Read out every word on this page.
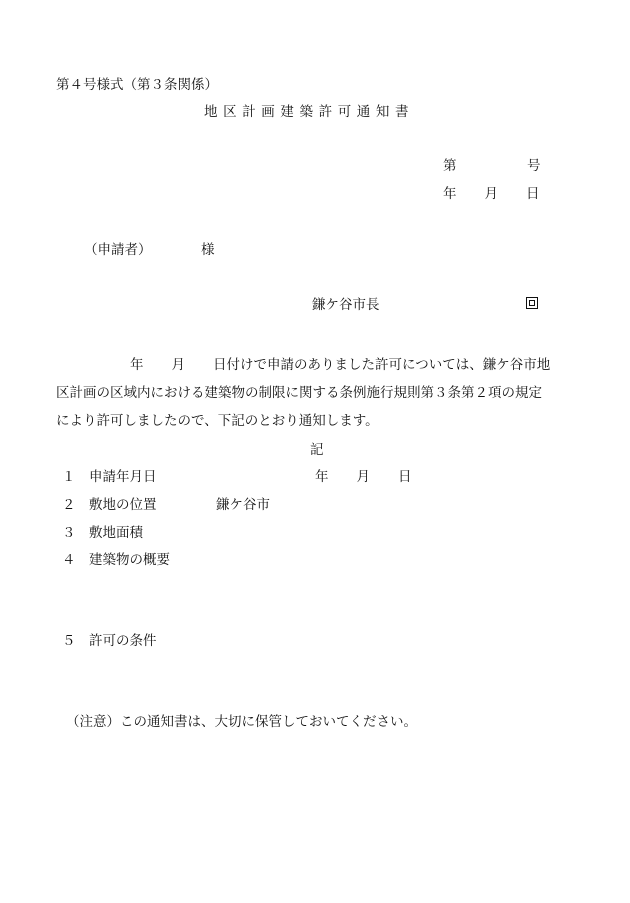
第４号様式（第３条関係）
地区計画建築許可通知書
第	号
年 月 日
（申請者）	様
鎌ケ谷市長
年 月 日付けで申請のありました許可については、鎌ケ谷市地
区計画の区域内における建築物の制限に関する条例施行規則第３条第２項の規定
により許可しましたので、下記のとおり通知します。
記
１ 申請年月日	年 月 日
２ 敷地の位置	鎌ケ谷市
３ 敷地面積
４ 建築物の概要
５ 許可の条件
（注意）この通知書は、大切に保管しておいてください。
